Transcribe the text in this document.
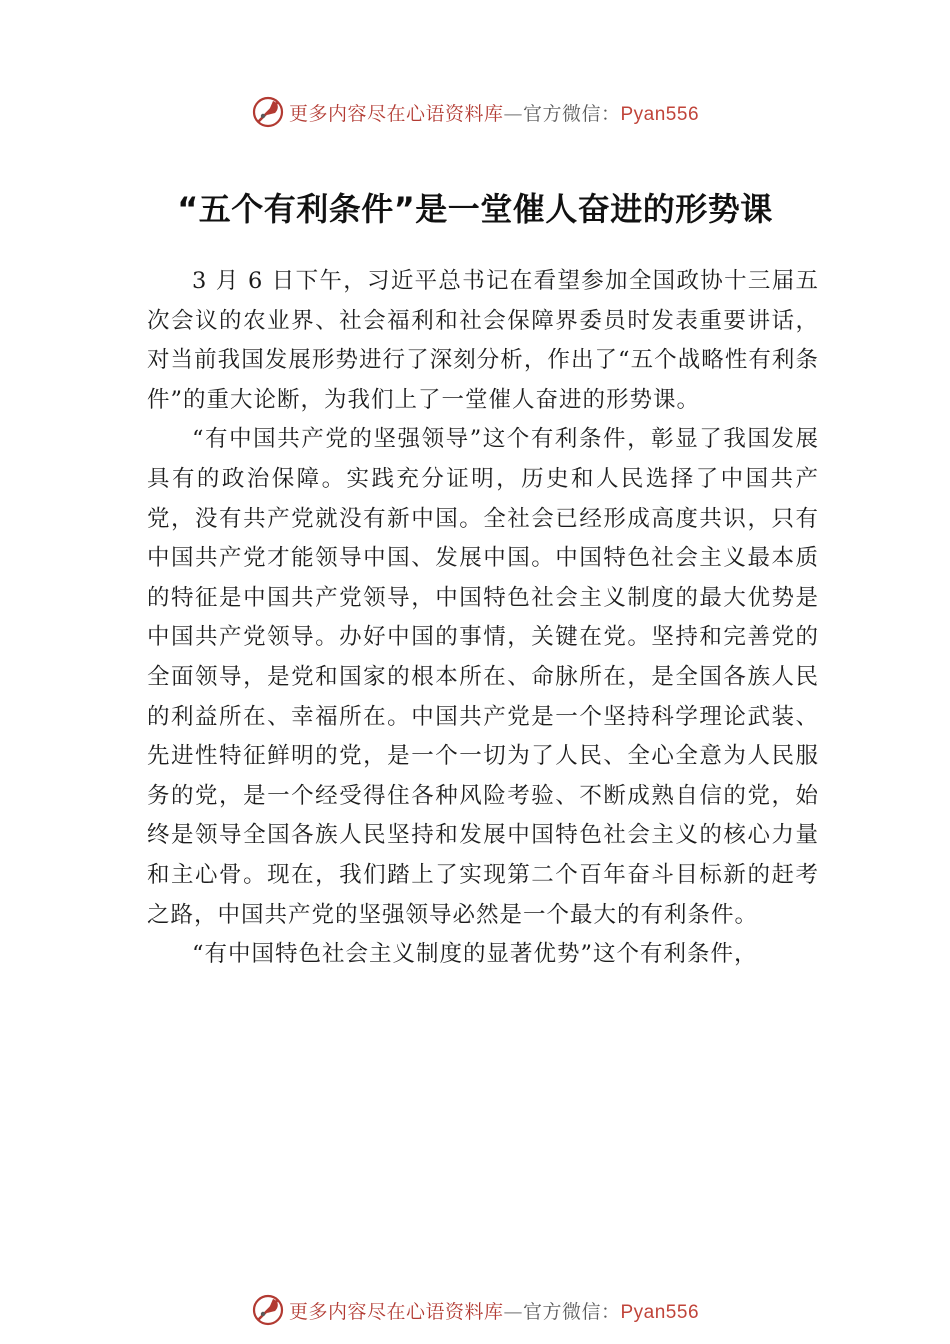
更多内容尽在心语资料库—官方微信：Pyan556
“五个有利条件”是一堂催人奋进的形势课

3 月 6 日下午，习近平总书记在看望参加全国政协十三届五次会议的农业界、社会福利和社会保障界委员时发表重要讲话，对当前我国发展形势进行了深刻分析，作出了“五个战略性有利条件”的重大论断，为我们上了一堂催人奋进的形势课。

“有中国共产党的坚强领导”这个有利条件，彰显了我国发展具有的政治保障。实践充分证明，历史和人民选择了中国共产党，没有共产党就没有新中国。全社会已经形成高度共识，只有中国共产党才能领导中国、发展中国。中国特色社会主义最本质的特征是中国共产党领导，中国特色社会主义制度的最大优势是中国共产党领导。办好中国的事情，关键在党。坚持和完善党的全面领导，是党和国家的根本所在、命脉所在，是全国各族人民的利益所在、幸福所在。中国共产党是一个坚持科学理论武装、先进性特征鲜明的党，是一个一切为了人民、全心全意为人民服务的党，是一个经受得住各种风险考验、不断成熟自信的党，始终是领导全国各族人民坚持和发展中国特色社会主义的核心力量和主心骨。现在，我们踏上了实现第二个百年奋斗目标新的赶考之路，中国共产党的坚强领导必然是一个最大的有利条件。

“有中国特色社会主义制度的显著优势”这个有利条件，

更多内容尽在心语资料库—官方微信：Pyan556
